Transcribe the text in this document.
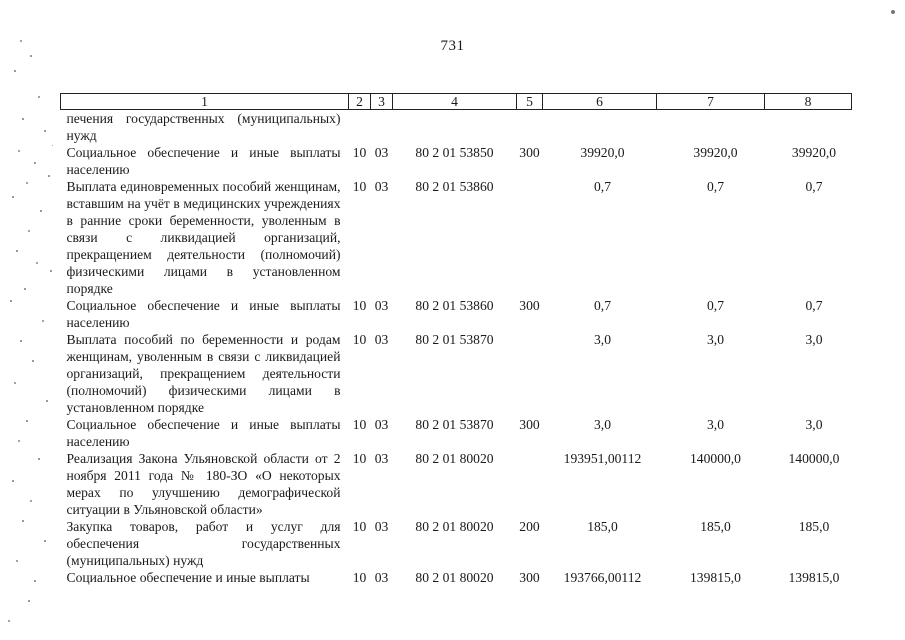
731
1	2	3	4	5	6	7	8
печения государственных (муниципальных) нужд							
Социальное обеспечение и иные выплаты населению	10	03	80 2 01 53850	300	39920,0	39920,0	39920,0
Выплата единовременных пособий женщинам, вставшим на учёт в медицинских учреждениях в ранние сроки беременности, уволенным в связи с ликвидацией организаций, прекращением деятельности (полномочий) физическими лицами в установленном порядке	10	03	80 2 01 53860		0,7	0,7	0,7
Социальное обеспечение и иные выплаты населению	10	03	80 2 01 53860	300	0,7	0,7	0,7
Выплата пособий по беременности и родам женщинам, уволенным в связи с ликвидацией организаций, прекращением деятельности (полномочий) физическими лицами в установленном порядке	10	03	80 2 01 53870		3,0	3,0	3,0
Социальное обеспечение и иные выплаты населению	10	03	80 2 01 53870	300	3,0	3,0	3,0
Реализация Закона Ульяновской области от 2 ноября 2011 года № 180-ЗО «О некоторых мерах по улучшению демографической ситуации в Ульяновской области»	10	03	80 2 01 80020		193951,00112	140000,0	140000,0
Закупка товаров, работ и услуг для обеспечения государственных (муниципальных) нужд	10	03	80 2 01 80020	200	185,0	185,0	185,0
Социальное обеспечение и иные выплаты	10	03	80 2 01 80020	300	193766,00112	139815,0	139815,0
